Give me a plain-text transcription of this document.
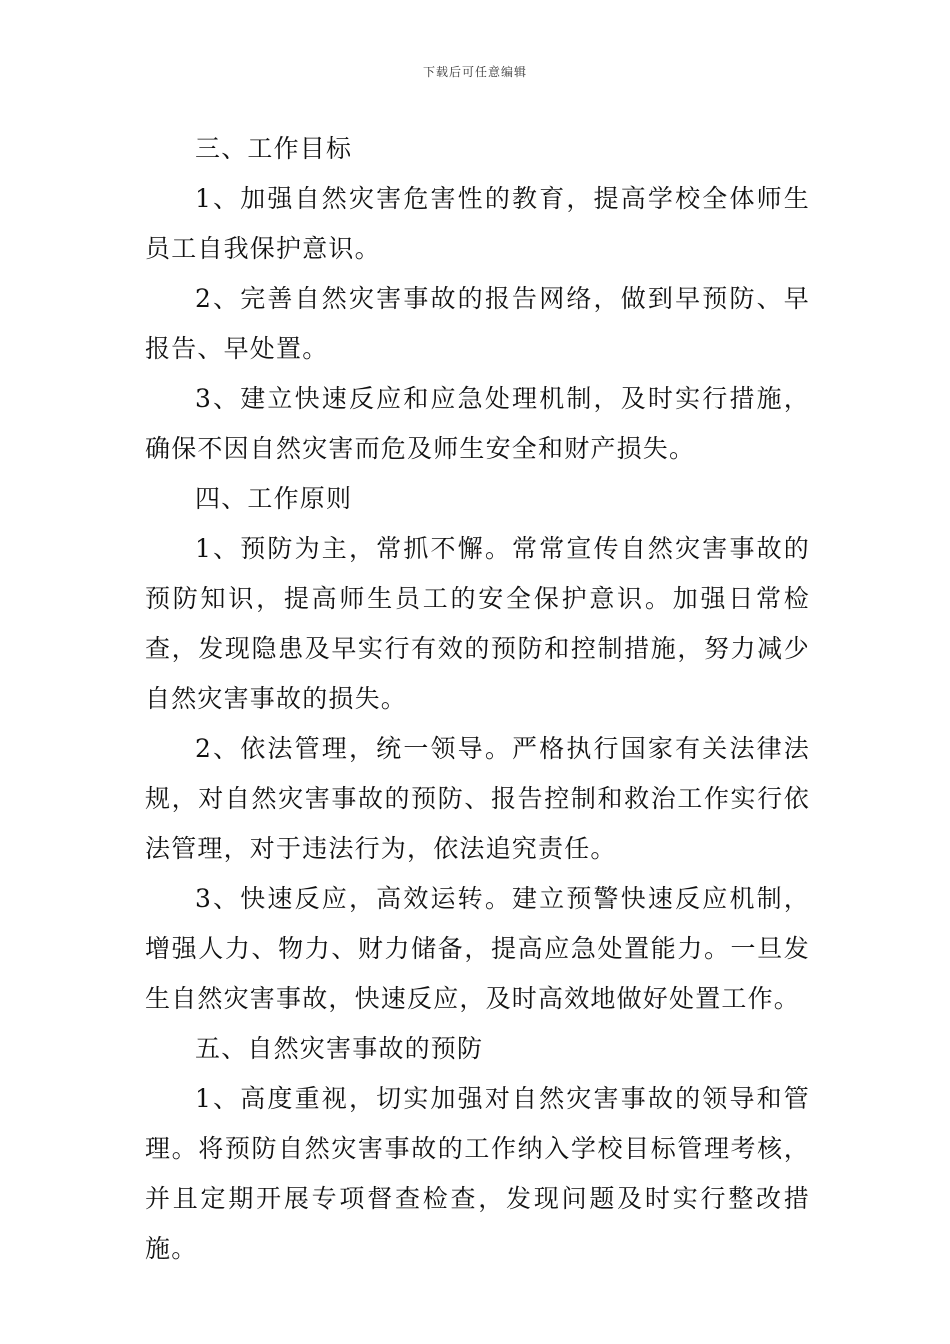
下载后可任意编辑

三、工作目标

1、加强自然灾害危害性的教育，提高学校全体师生员工自我保护意识。

2、完善自然灾害事故的报告网络，做到早预防、早报告、早处置。

3、建立快速反应和应急处理机制，及时实行措施，确保不因自然灾害而危及师生安全和财产损失。

四、工作原则

1、预防为主，常抓不懈。常常宣传自然灾害事故的预防知识，提高师生员工的安全保护意识。加强日常检查，发现隐患及早实行有效的预防和控制措施，努力减少自然灾害事故的损失。

2、依法管理，统一领导。严格执行国家有关法律法规，对自然灾害事故的预防、报告控制和救治工作实行依法管理，对于违法行为，依法追究责任。

3、快速反应，高效运转。建立预警快速反应机制，增强人力、物力、财力储备，提高应急处置能力。一旦发生自然灾害事故，快速反应，及时高效地做好处置工作。

五、自然灾害事故的预防

1、高度重视，切实加强对自然灾害事故的领导和管理。将预防自然灾害事故的工作纳入学校目标管理考核，并且定期开展专项督查检查，发现问题及时实行整改措施。
